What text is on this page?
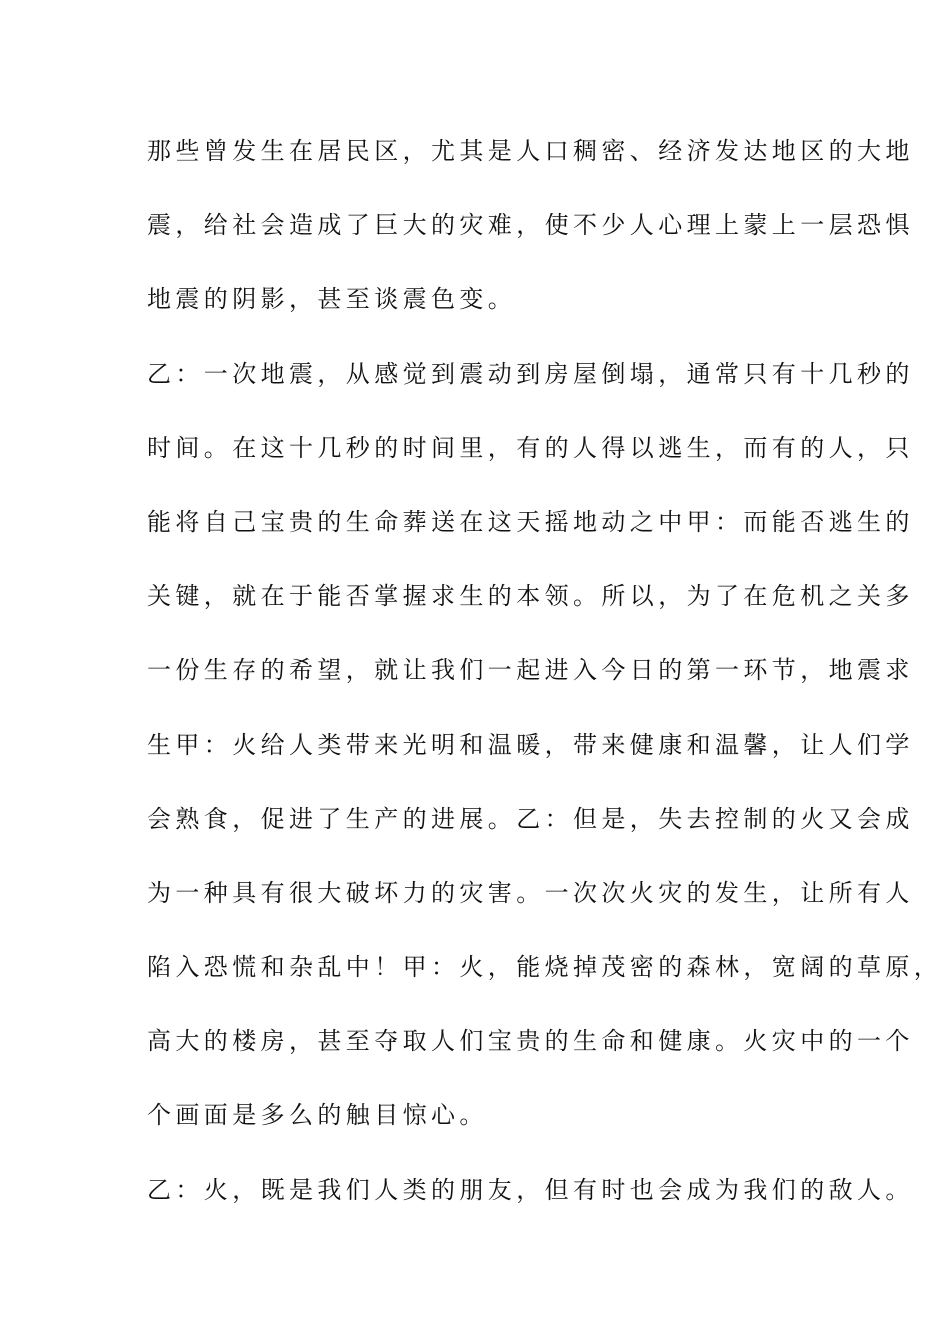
那些曾发生在居民区，尤其是人口稠密、经济发达地区的大地
震，给社会造成了巨大的灾难，使不少人心理上蒙上一层恐惧
地震的阴影，甚至谈震色变。
乙：一次地震，从感觉到震动到房屋倒塌，通常只有十几秒的
时间。在这十几秒的时间里，有的人得以逃生，而有的人，只
能将自己宝贵的生命葬送在这天摇地动之中甲：而能否逃生的
关键，就在于能否掌握求生的本领。所以，为了在危机之关多
一份生存的希望，就让我们一起进入今日的第一环节，地震求
生甲：火给人类带来光明和温暖，带来健康和温馨，让人们学
会熟食，促进了生产的进展。乙：但是，失去控制的火又会成
为一种具有很大破坏力的灾害。一次次火灾的发生，让所有人
陷入恐慌和杂乱中！甲：火，能烧掉茂密的森林，宽阔的草原，
高大的楼房，甚至夺取人们宝贵的生命和健康。火灾中的一个
个画面是多么的触目惊心。
乙：火，既是我们人类的朋友，但有时也会成为我们的敌人。
